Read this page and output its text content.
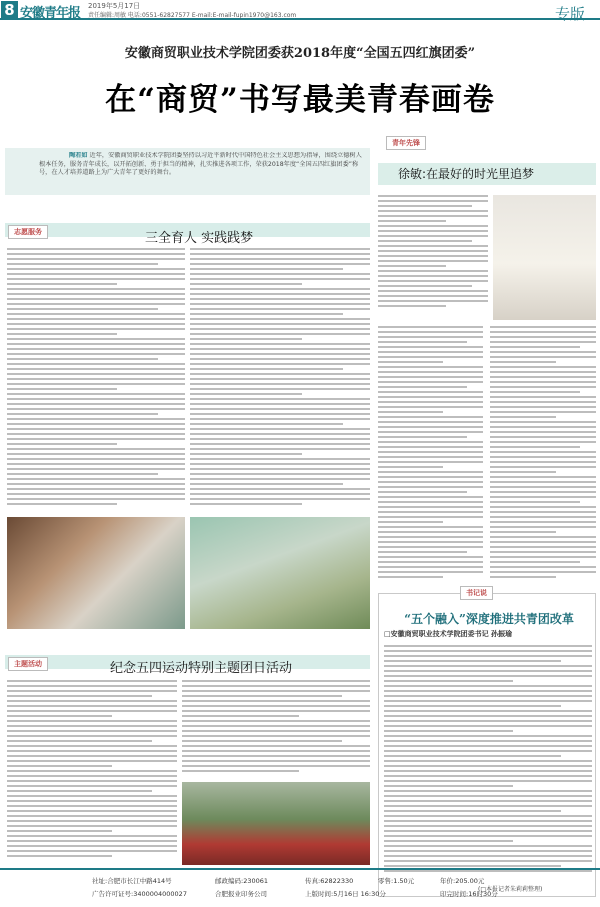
8 安徽青年报 2019年5月17日
责任编辑:周敏 电话:0551-62827577 E-mail:E-mail-fupin1970@163.com	专版
安徽商贸职业技术学院团委获2018年度“全国五四红旗团委”
在“商贸”书写最美青春画卷
陶若如 近年，安徽商贸职业技术学院团委坚持以习近平新时代中国特色社会主义思想为指导，围绕立德树人根本任务，服务青年成长，以开拓创新、勇于担当的精神，扎实推进各项工作，荣获2018年度“全国五四红旗团委”称号，在人才培养道路上为广大青年了更好的舞台。
志愿服务	三全育人 实践践梦
主题活动	纪念五四运动特别主题团日活动
青年先锋
徐敏:在最好的时光里追梦
书记说
“五个融入”深度推进共青团改革
□安徽商贸职业技术学院团委书记 孙振瑜
(□本报记者朱莉莉整理)
社址:合肥市长江中路414号	邮政编码:230061	传真:62822330	零售:1.50元	年价:205.00元
广告许可证号:3400004000027	合肥报业印务公司	上版时间:5月16日 16:30分	印完时间:16时30分
